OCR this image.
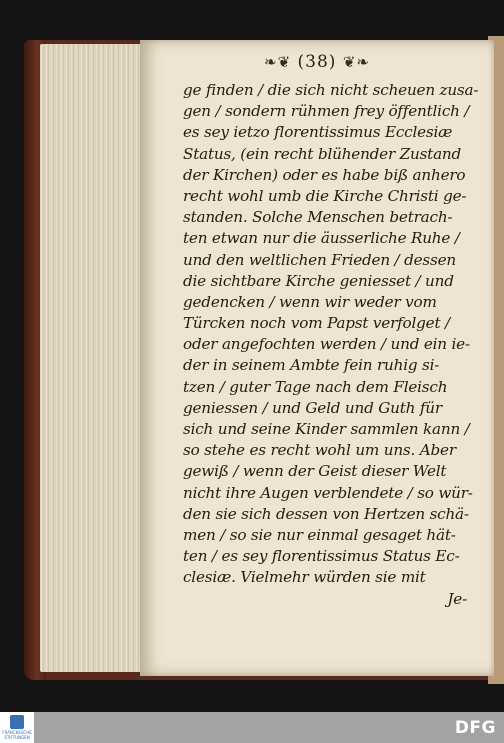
❧❦ (38) ❦❧
ge finden / die sich nicht scheuen zusa-
gen / sondern rühmen frey öffentlich /
es sey ietzo florentissimus Ecclesiæ
Status, (ein recht blühender Zustand
der Kirchen) oder es habe biß anhero
recht wohl umb die Kirche Christi ge-
standen. Solche Menschen betrach-
ten etwan nur die äusserliche Ruhe /
und den weltlichen Frieden / dessen
die sichtbare Kirche geniesset / und
gedencken / wenn wir weder vom
Türcken noch vom Papst verfolget /
oder angefochten werden / und ein ie-
der in seinem Ambte fein ruhig si-
tzen / guter Tage nach dem Fleisch
geniessen / und Geld und Guth für
sich und seine Kinder sammlen kann /
so stehe es recht wohl um uns. Aber
gewiß / wenn der Geist dieser Welt
nicht ihre Augen verblendete / so wür-
den sie sich dessen von Hertzen schä-
men / so sie nur einmal gesaget hät-
ten / es sey florentissimus Status Ec-
clesiæ. Vielmehr würden sie mit
Je-
FRANCKESCHE STIFTUNGEN	DFG
